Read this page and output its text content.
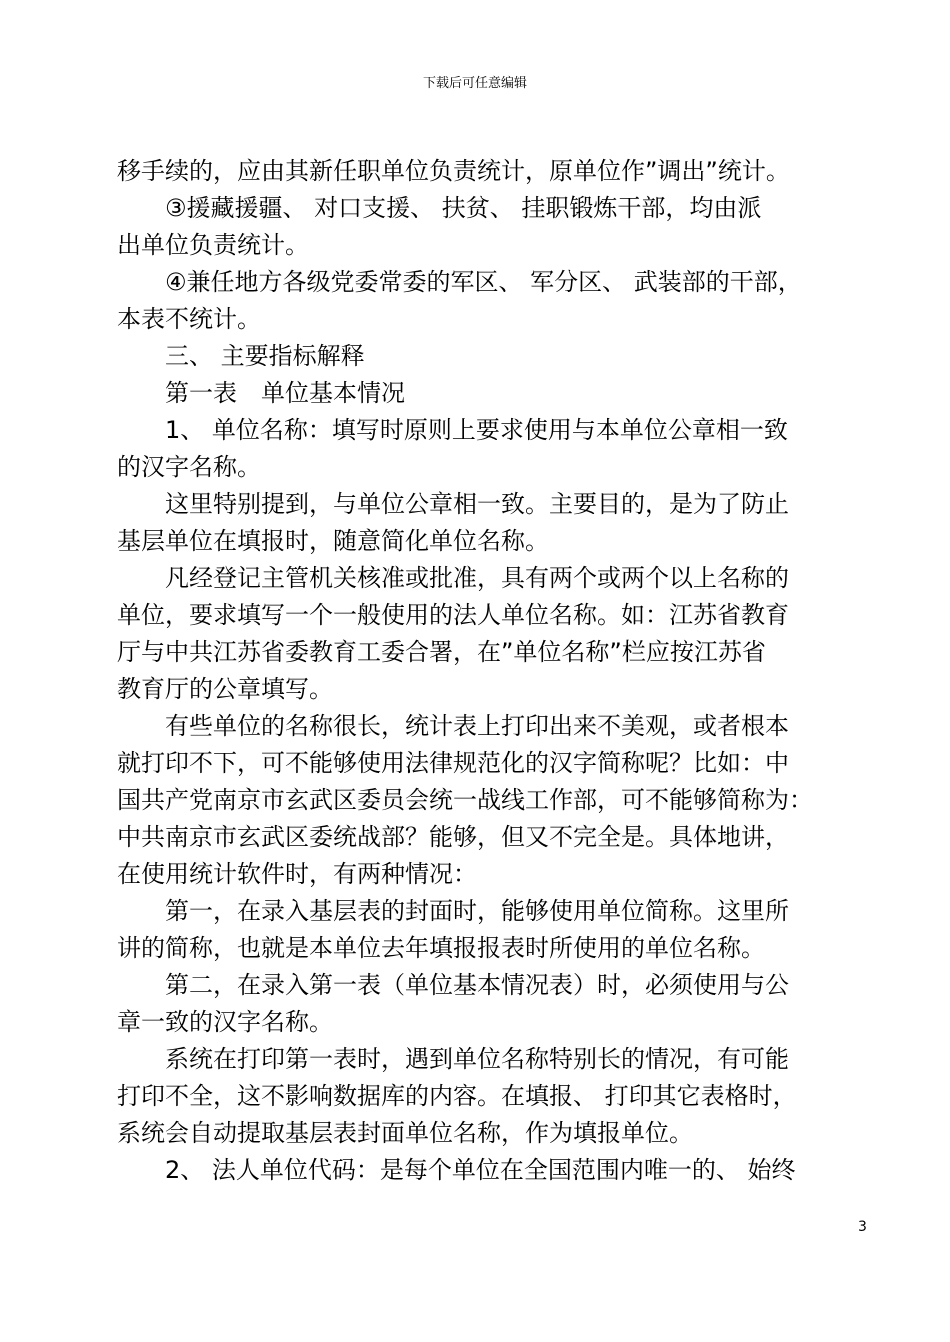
下载后可任意编辑
移手续的，应由其新任职单位负责统计，原单位作”调出”统计。
　　③援藏援疆、 对口支援、 扶贫、 挂职锻炼干部，均由派
出单位负责统计。
　　④兼任地方各级党委常委的军区、 军分区、 武装部的干部，
本表不统计。
　　三、 主要指标解释
　　第一表　单位基本情况
　　1、 单位名称：填写时原则上要求使用与本单位公章相一致
的汉字名称。
　　这里特别提到，与单位公章相一致。主要目的，是为了防止
基层单位在填报时，随意简化单位名称。
　　凡经登记主管机关核准或批准，具有两个或两个以上名称的
单位，要求填写一个一般使用的法人单位名称。如：江苏省教育
厅与中共江苏省委教育工委合署，在”单位名称”栏应按江苏省
教育厅的公章填写。
　　有些单位的名称很长，统计表上打印出来不美观，或者根本
就打印不下，可不能够使用法律规范化的汉字简称呢？比如：中
国共产党南京市玄武区委员会统一战线工作部，可不能够简称为：
中共南京市玄武区委统战部？能够，但又不完全是。具体地讲，
在使用统计软件时，有两种情况：
　　第一，在录入基层表的封面时，能够使用单位简称。这里所
讲的简称，也就是本单位去年填报报表时所使用的单位名称。
　　第二，在录入第一表（单位基本情况表）时，必须使用与公
章一致的汉字名称。
　　系统在打印第一表时，遇到单位名称特别长的情况，有可能
打印不全，这不影响数据库的内容。在填报、 打印其它表格时，
系统会自动提取基层表封面单位名称，作为填报单位。
　　2、 法人单位代码：是每个单位在全国范围内唯一的、 始终
3
